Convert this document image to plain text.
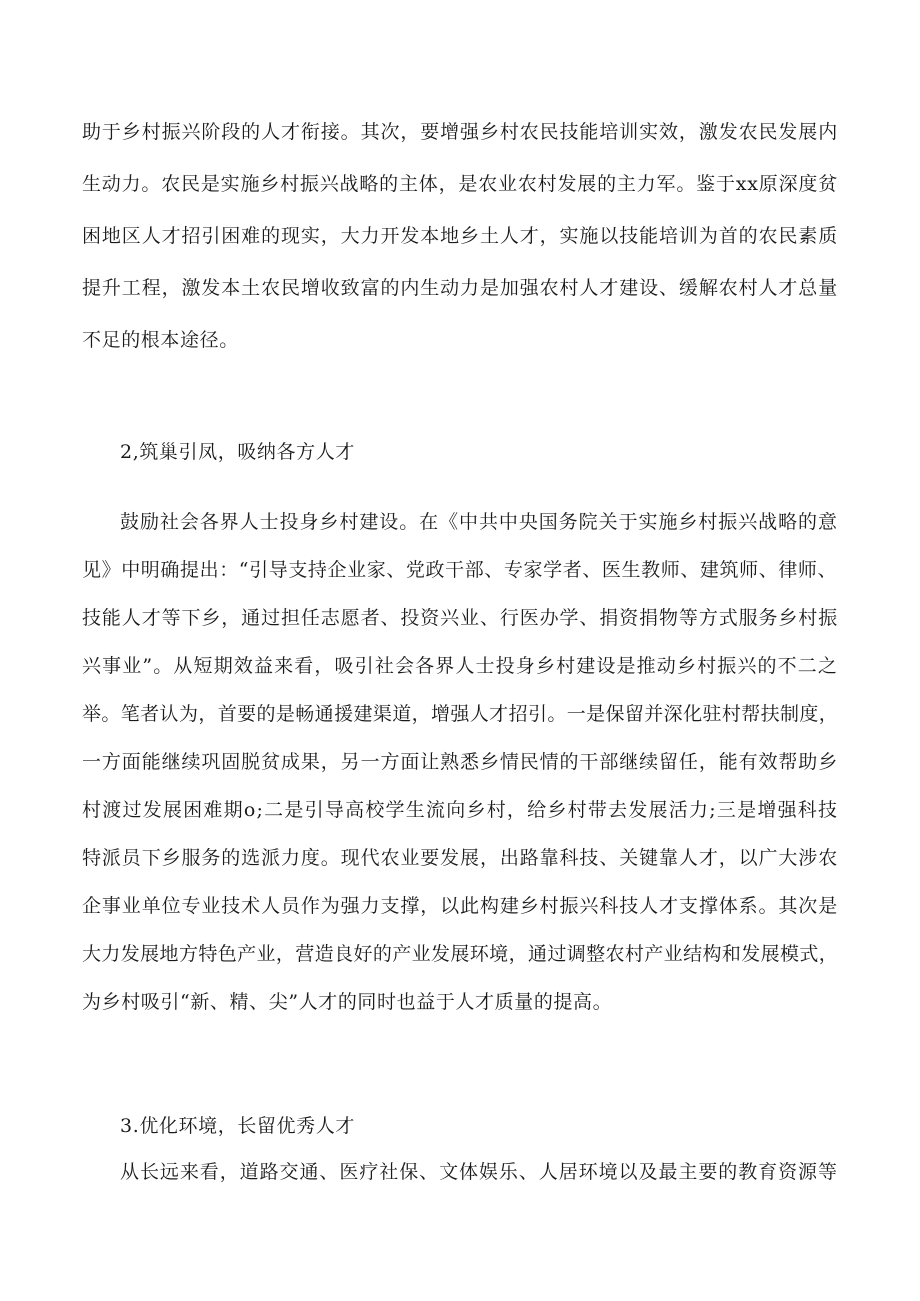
助于乡村振兴阶段的人才衔接。其次，要增强乡村农民技能培训实效，激发农民发展内
生动力。农民是实施乡村振兴战略的主体，是农业农村发展的主力军。鉴于xx原深度贫
困地区人才招引困难的现实，大力开发本地乡土人才，实施以技能培训为首的农民素质
提升工程，激发本土农民增收致富的内生动力是加强农村人才建设、缓解农村人才总量
不足的根本途径。
2,筑巢引凤，吸纳各方人才
鼓励社会各界人士投身乡村建设。在《中共中央国务院关于实施乡村振兴战略的意
见》中明确提出：“引导支持企业家、党政干部、专家学者、医生教师、建筑师、律师、
技能人才等下乡，通过担任志愿者、投资兴业、行医办学、捐资捐物等方式服务乡村振
兴事业”。从短期效益来看，吸引社会各界人士投身乡村建设是推动乡村振兴的不二之
举。笔者认为，首要的是畅通援建渠道，增强人才招引。一是保留并深化驻村帮扶制度，
一方面能继续巩固脱贫成果，另一方面让熟悉乡情民情的干部继续留任，能有效帮助乡
村渡过发展困难期o;二是引导高校学生流向乡村，给乡村带去发展活力;三是增强科技
特派员下乡服务的选派力度。现代农业要发展，出路靠科技、关键靠人才，以广大涉农
企事业单位专业技术人员作为强力支撑，以此构建乡村振兴科技人才支撑体系。其次是
大力发展地方特色产业，营造良好的产业发展环境，通过调整农村产业结构和发展模式，
为乡村吸引“新、精、尖”人才的同时也益于人才质量的提高。
3.优化环境，长留优秀人才
从长远来看，道路交通、医疗社保、文体娱乐、人居环境以及最主要的教育资源等
